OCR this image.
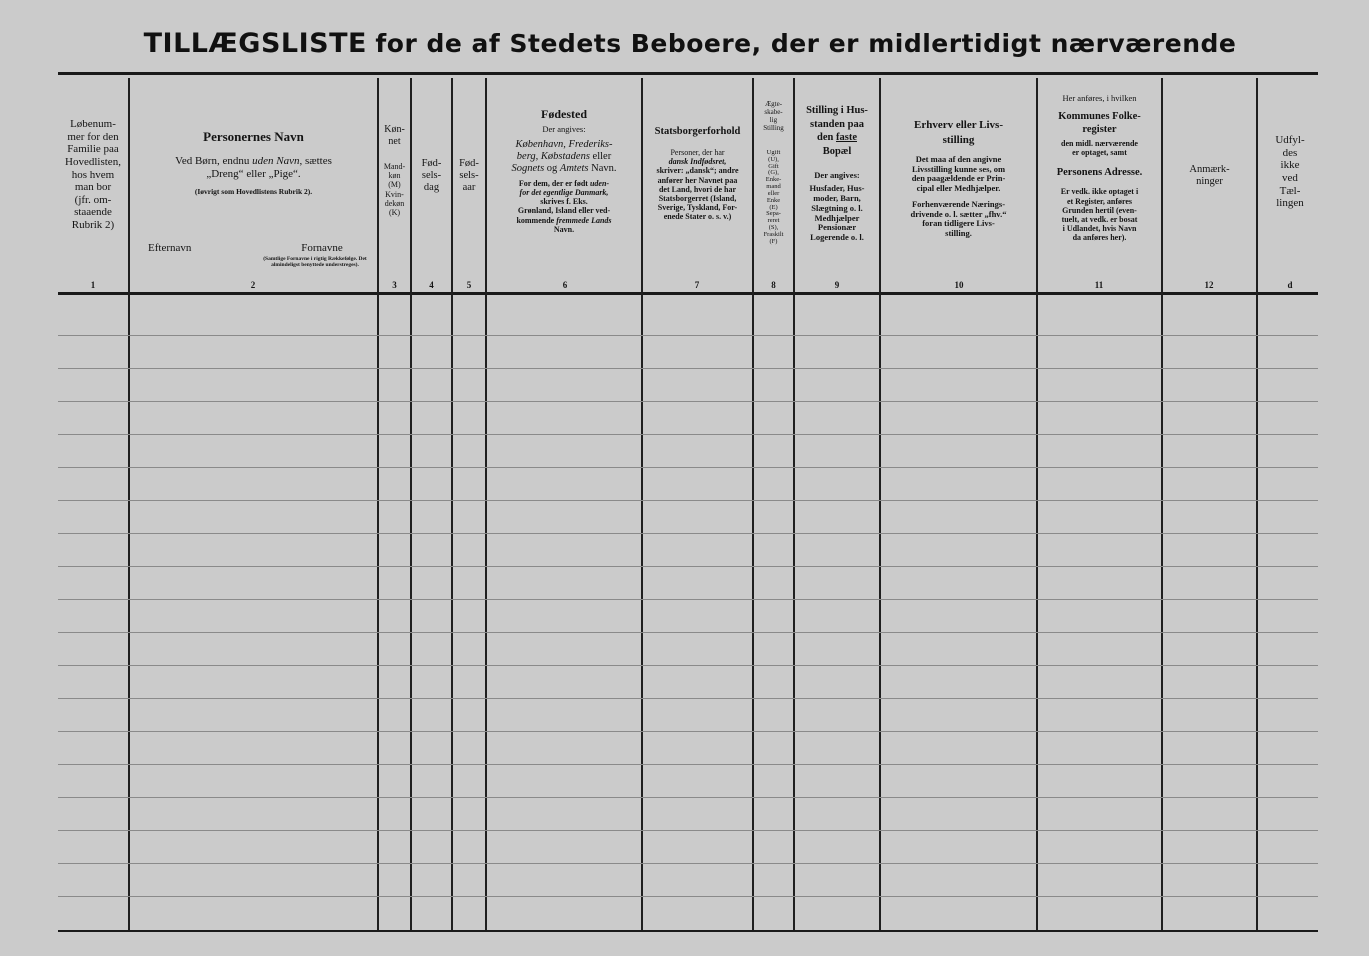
TILLÆGSLISTE for de af Stedets Beboere, der er midlertidigt nærværende
Løbenum-
mer for den
Familie paa
Hovedlisten,
hos hvem
man bor
(jfr. om-
staaende
Rubrik 2)
1
Personernes Navn
Ved Børn, endnu uden Navn, sættes
„Dreng“ eller „Pige“.
(Iøvrigt som Hovedlistens Rubrik 2).
Efternavn	Fornavne
(Samtlige Fornavne i rigtig Rækkefølge. Det almindeligst benyttede understreges).
2
Køn-
net
Mand-
køn
(M)
Kvin-
dekøn
(K)
3
Fød-
sels-
dag
4
Fød-
sels-
aar
5
Fødested
Der angives:
København, Frederiks-
berg, Købstadens eller
Sognets og Amtets Navn.
For dem, der er født uden-
for det egentlige Danmark,
skrives f. Eks.
Grønland, Island eller ved-
kommende fremmede Lands
Navn.
6
Statsborgerforhold
Personer, der har
dansk Indfødsret,
skriver: „dansk“; andre
anfører her Navnet paa
det Land, hvori de har
Statsborgerret (Island,
Sverige, Tyskland, For-
enede Stater o. s. v.)
7
Ægte-
skabe-
lig
Stilling
Ugift
(U),
Gift
(G),
Enke-
mand
eller
Enke
(E)
Sepa-
reret
(S),
Fraskilt
(F)
8
Stilling i Hus-
standen paa
den faste
Bopæl
Der angives:
Husfader, Hus-
moder, Barn,
Slægtning o. l.
Medhjælper
Pensionær
Logerende o. l.
9
Erhverv eller Livs-
stilling
Det maa af den angivne
Livsstilling kunne ses, om
den paagældende er Prin-
cipal eller Medhjælper.
Forhenværende Nærings-
drivende o. l. sætter „fhv.“
foran tidligere Livs-
stilling.
10
Her anføres, i hvilken
Kommunes Folke-
register
den midl. nærværende
er optaget, samt
Personens Adresse.
Er vedk. ikke optaget i
et Register, anføres
Grunden hertil (even-
tuelt, at vedk. er bosat
i Udlandet, hvis Navn
da anføres her).
11
Anmærk-
ninger
12
Udfyl-
des
ikke
ved
Tæl-
lingen
d
